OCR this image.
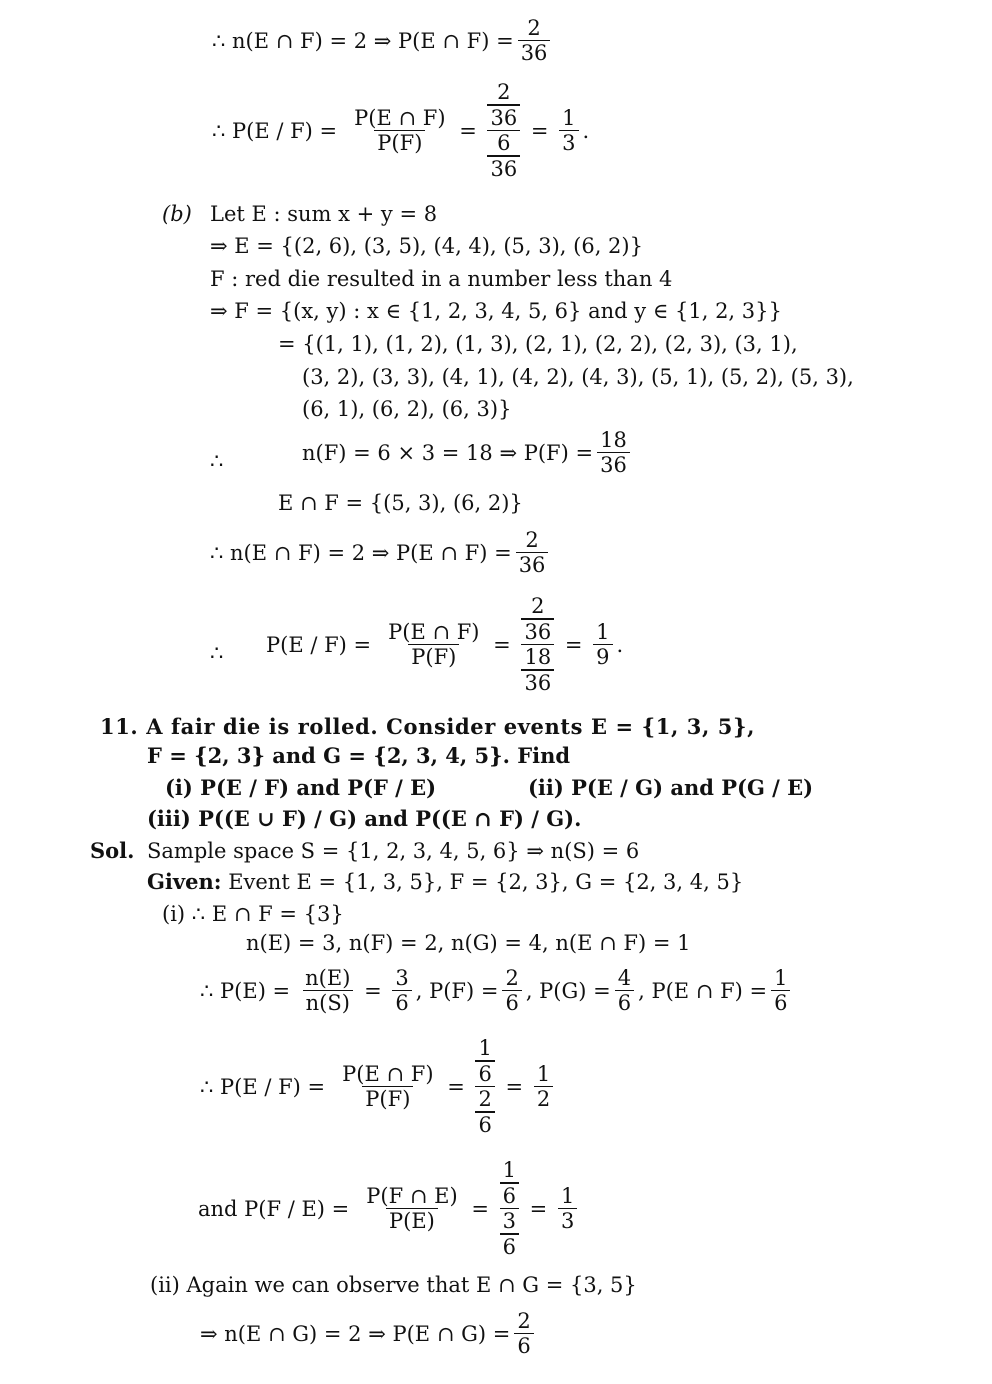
∴ n(E ∩ F) = 2 ⇒ P(E ∩ $F) = \frac{2}{36}$
∴ $P(E / F) = \frac{P(E \cap F)}{P(F)}$ =
2
36
6
36
= $\frac{1}{3}$ .
(b) Let E : sum x + y = 8
⇒ E = {(2, 6), (3, 5), (4, 4), (5, 3), (6, 2)}
F : red die resulted in a number less than 4
⇒ F = {(x, y) : x ∈ {1, 2, 3, 4, 5, 6} and y ∈ {1, 2, 3}}
= {(1, 1), (1, 2), (1, 3), (2, 1), (2, 2), (2, 3), (3, 1),
(3, 2), (3, 3), (4, 1), (4, 2), (4, 3), (5, 1), (5, 2), (5, 3),
(6, 1), (6, 2), (6, 3)}
∴	n(F) = 6 × 3 = 18 ⇒ $P(F) = \frac{18}{36}$
E ∩ F = {(5, 3), (6, 2)}
∴ n(E ∩ F) = 2 ⇒ P(E ∩ $F) = \frac{2}{36}$
∴ $P(E / F) = \frac{P(E \cap F)}{P(F)}$ =
2
36
18
36
= $\frac{1}{9}$ .
11. A fair die is rolled. Consider events E = {1, 3, 5},
F = {2, 3} and G = {2, 3, 4, 5}. Find
(i) P(E / F) and P(F / E)	(ii) P(E / G) and P(G / E)
(iii) P((E ∪ F) / G) and P((E ∩ F) / G).
Sol. Sample space S = {1, 2, 3, 4, 5, 6} ⇒ n(S) = 6
Given: Event E = {1, 3, 5}, F = {2, 3}, G = {2, 3, 4, 5}
(i) ∴ E ∩ F = {3}
n(E) = 3, n(F) = 2, n(G) = 4, n(E ∩ F) = 1
∴ $P(E) = \frac{n(E)}{n(S)} = \frac{3}{6}$ , $P(F) = \frac{2}{6}$ , $P(G) = \frac{4}{6}$ , P(E ∩ $F) = \frac{1}{6}$
∴ $P(E / F) = \frac{P(E \cap F)}{P(F)}$ =
1
6
2
6
= $\frac{1}{2}$
and $P(F / E) = \frac{P(F \cap E)}{P(E)}$ =
1
6
3
6
= $\frac{1}{3}$
(ii) Again we can observe that E ∩ G = {3, 5}
⇒ n(E ∩ G) = 2 ⇒ P(E ∩ $G) = \frac{2}{6}$
